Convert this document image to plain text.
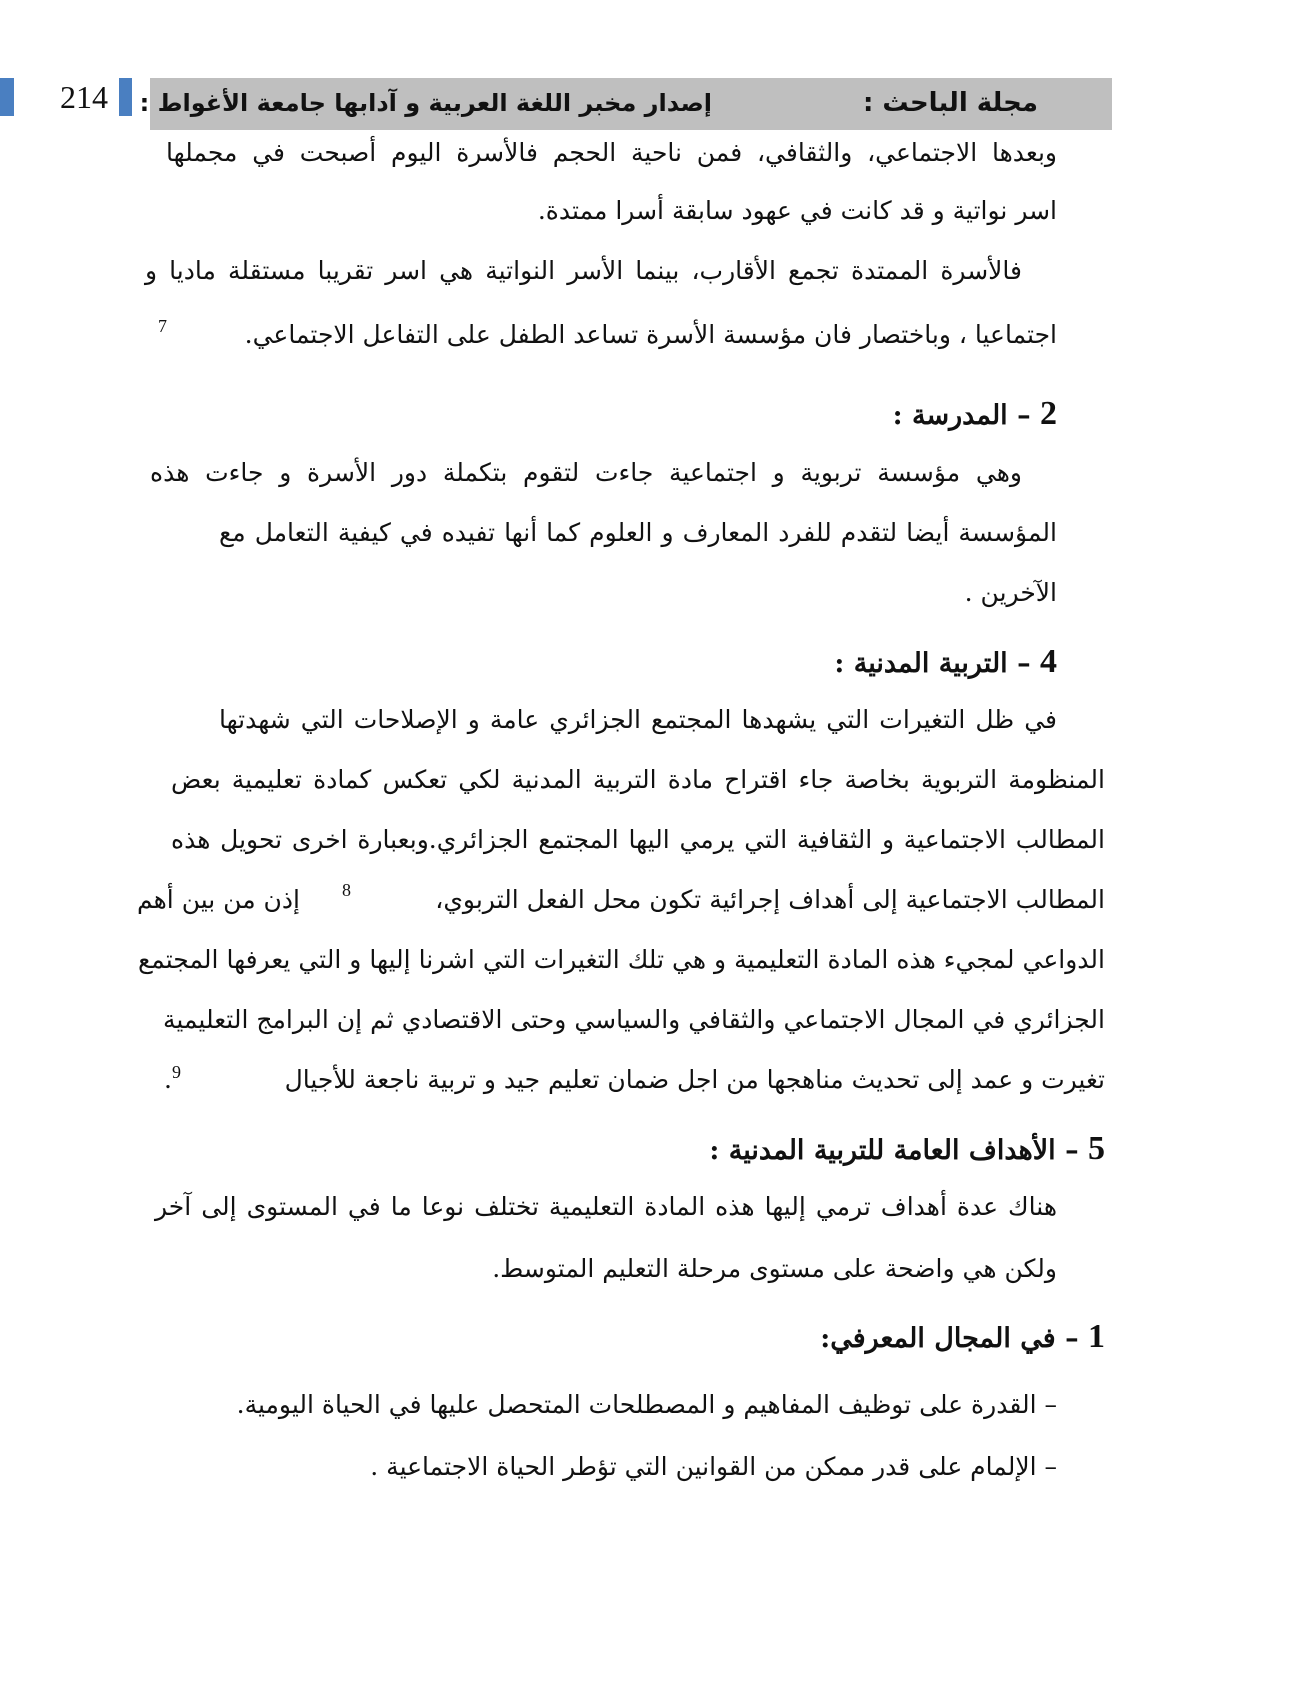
214	مجلة الباحث :
إصدار مخبر اللغة العربية و آدابها جامعة الأغواط :
وبعدها الاجتماعي، والثقافي، فمن ناحية الحجم فالأسرة اليوم أصبحت في مجملها
اسر نواتية و قد كانت في عهود سابقة أسرا ممتدة.
فالأسرة الممتدة تجمع الأقارب، بينما الأسر النواتية هي اسر تقريبا مستقلة ماديا و
اجتماعيا ، وباختصار فان مؤسسة الأسرة تساعد الطفل على التفاعل الاجتماعي.
7
2 – المدرسة :
وهي مؤسسة تربوية و اجتماعية جاءت لتقوم بتكملة دور الأسرة و جاءت هذه
المؤسسة أيضا لتقدم للفرد المعارف و العلوم كما أنها تفيده في كيفية التعامل مع
الآخرين .
4 – التربية المدنية :
في ظل التغيرات التي يشهدها المجتمع الجزائري عامة و الإصلاحات التي شهدتها
المنظومة التربوية بخاصة جاء اقتراح مادة التربية المدنية لكي تعكس كمادة تعليمية بعض
المطالب الاجتماعية و الثقافية التي يرمي اليها المجتمع الجزائري.وبعبارة اخرى تحويل هذه
المطالب الاجتماعية إلى أهداف إجرائية تكون محل الفعل التربوي،
8
إذن من بين أهم
الدواعي لمجيء هذه المادة التعليمية و هي تلك التغيرات التي اشرنا إليها و التي يعرفها المجتمع
الجزائري في المجال الاجتماعي والثقافي والسياسي وحتى الاقتصادي ثم إن البرامج التعليمية
تغيرت و عمد إلى تحديث مناهجها من اجل ضمان تعليم جيد و تربية ناجعة للأجيال
9
.
5 – الأهداف العامة للتربية المدنية :
هناك عدة أهداف ترمي إليها هذه المادة التعليمية تختلف نوعا ما في المستوى إلى آخر
ولكن هي واضحة على مستوى مرحلة التعليم المتوسط.
1 – في المجال المعرفي:
– القدرة على توظيف المفاهيم و المصطلحات المتحصل عليها في الحياة اليومية.
– الإلمام على قدر ممكن من القوانين التي تؤطر الحياة الاجتماعية .
